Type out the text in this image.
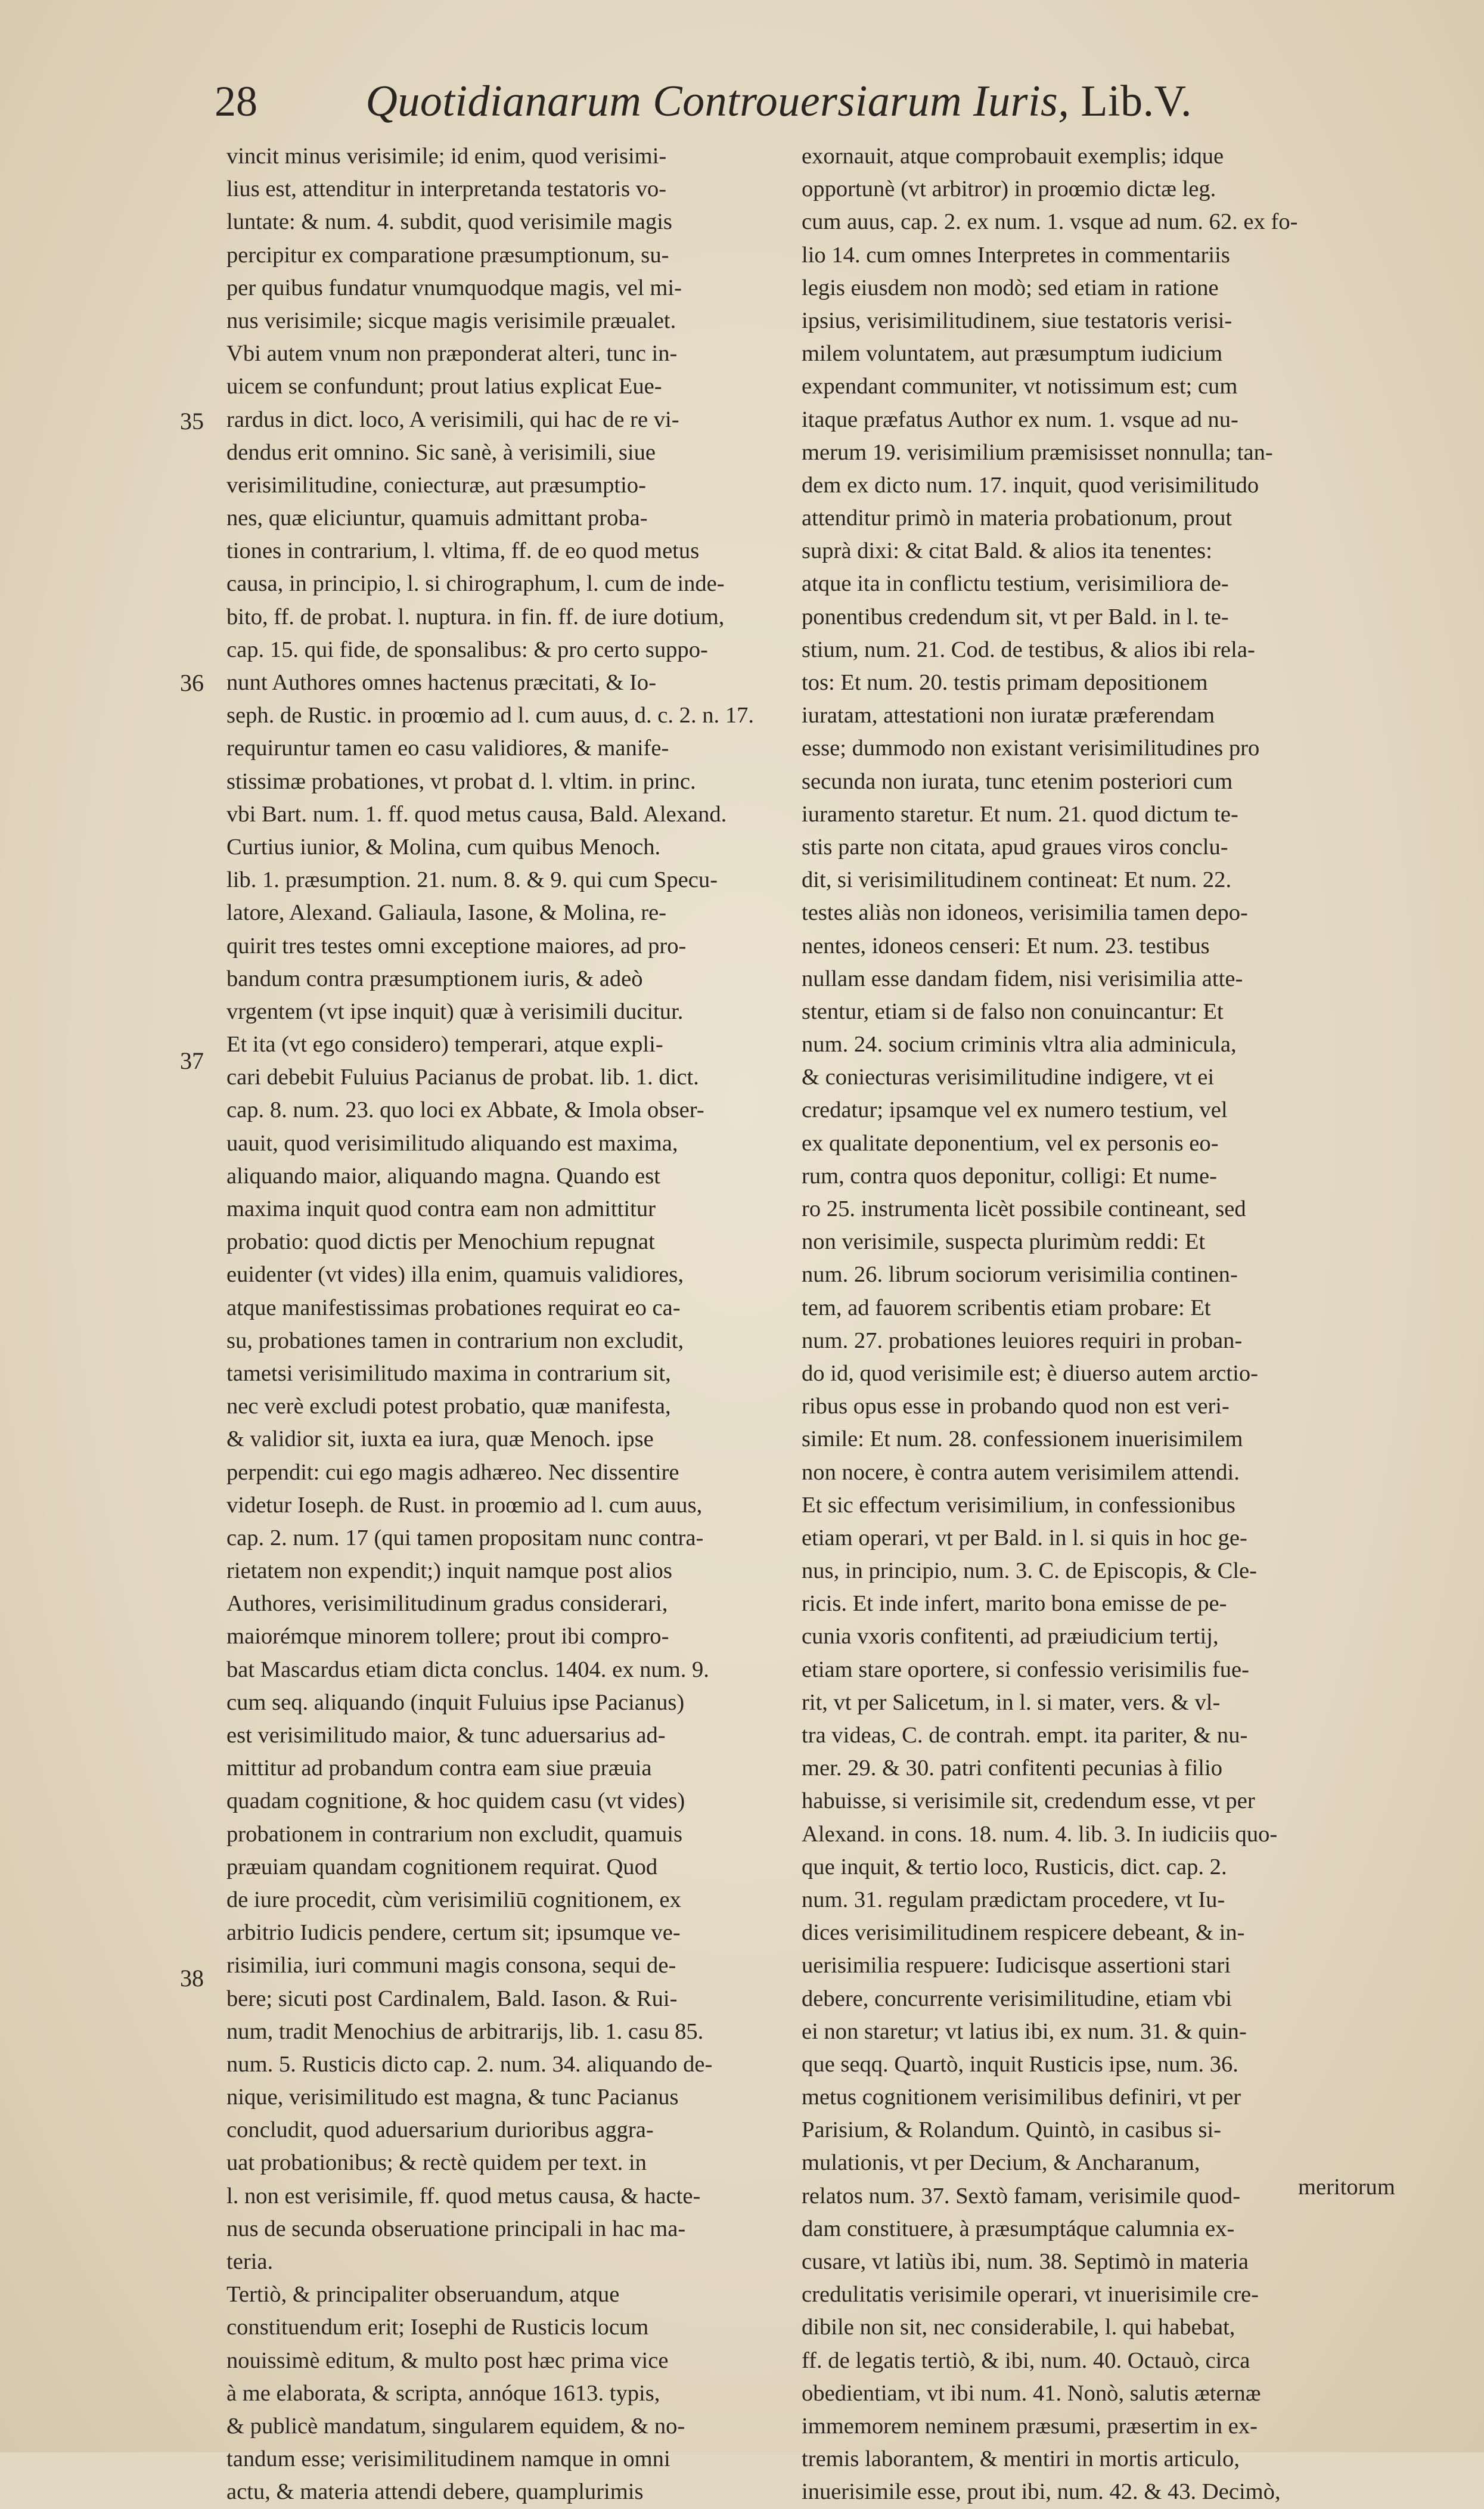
28 Quotidianarum Controuersiarum Iuris, Lib.V.
35
36
37
38
vincit minus verisimile; id enim, quod verisimi-
lius est, attenditur in interpretanda testatoris vo-
luntate: & num. 4. subdit, quod verisimile magis
percipitur ex comparatione præsumptionum, su-
per quibus fundatur vnumquodque magis, vel mi-
nus verisimile; sicque magis verisimile præualet.
Vbi autem vnum non præponderat alteri, tunc in-
uicem se confundunt; prout latius explicat Eue-
rardus in dict. loco, A verisimili, qui hac de re vi-
dendus erit omnino. Sic sanè, à verisimili, siue
verisimilitudine, coniecturæ, aut præsumptio-
nes, quæ eliciuntur, quamuis admittant proba-
tiones in contrarium, l. vltima, ff. de eo quod metus
causa, in principio, l. si chirographum, l. cum de inde-
bito, ff. de probat. l. nuptura. in fin. ff. de iure dotium,
cap. 15. qui fide, de sponsalibus: & pro certo suppo-
nunt Authores omnes hactenus præcitati, & Io-
seph. de Rustic. in proœmio ad l. cum auus, d. c. 2. n. 17.
requiruntur tamen eo casu validiores, & manife-
stissimæ probationes, vt probat d. l. vltim. in princ.
vbi Bart. num. 1. ff. quod metus causa, Bald. Alexand.
Curtius iunior, & Molina, cum quibus Menoch.
lib. 1. præsumption. 21. num. 8. & 9. qui cum Specu-
latore, Alexand. Galiaula, Iasone, & Molina, re-
quirit tres testes omni exceptione maiores, ad pro-
bandum contra præsumptionem iuris, & adeò
vrgentem (vt ipse inquit) quæ à verisimili ducitur.
Et ita (vt ego considero) temperari, atque expli-
cari debebit Fuluius Pacianus de probat. lib. 1. dict.
cap. 8. num. 23. quo loci ex Abbate, & Imola obser-
uauit, quod verisimilitudo aliquando est maxima,
aliquando maior, aliquando magna. Quando est
maxima inquit quod contra eam non admittitur
probatio: quod dictis per Menochium repugnat
euidenter (vt vides) illa enim, quamuis validiores,
atque manifestissimas probationes requirat eo ca-
su, probationes tamen in contrarium non excludit,
tametsi verisimilitudo maxima in contrarium sit,
nec verè excludi potest probatio, quæ manifesta,
& validior sit, iuxta ea iura, quæ Menoch. ipse
perpendit: cui ego magis adhæreo. Nec dissentire
videtur Ioseph. de Rust. in proœmio ad l. cum auus,
cap. 2. num. 17 (qui tamen propositam nunc contra-
rietatem non expendit;) inquit namque post alios
Authores, verisimilitudinum gradus considerari,
maiorémque minorem tollere; prout ibi compro-
bat Mascardus etiam dicta conclus. 1404. ex num. 9.
cum seq. aliquando (inquit Fuluius ipse Pacianus)
est verisimilitudo maior, & tunc aduersarius ad-
mittitur ad probandum contra eam siue præuia
quadam cognitione, & hoc quidem casu (vt vides)
probationem in contrarium non excludit, quamuis
præuiam quandam cognitionem requirat. Quod
de iure procedit, cùm verisimiliū cognitionem, ex
arbitrio Iudicis pendere, certum sit; ipsumque ve-
risimilia, iuri communi magis consona, sequi de-
bere; sicuti post Cardinalem, Bald. Iason. & Rui-
num, tradit Menochius de arbitrarijs, lib. 1. casu 85.
num. 5. Rusticis dicto cap. 2. num. 34. aliquando de-
nique, verisimilitudo est magna, & tunc Pacianus
concludit, quod aduersarium durioribus aggra-
uat probationibus; & rectè quidem per text. in
l. non est verisimile, ff. quod metus causa, & hacte-
nus de secunda obseruatione principali in hac ma-
teria.
Tertiò, & principaliter obseruandum, atque
constituendum erit; Iosephi de Rusticis locum
nouissimè editum, & multo post hæc prima vice
à me elaborata, & scripta, annóque 1613. typis,
& publicè mandatum, singularem equidem, & no-
tandum esse; verisimilitudinem namque in omni
actu, & materia attendi debere, quamplurimis
exornauit, atque comprobauit exemplis; idque
opportunè (vt arbitror) in proœmio dictæ leg.
cum auus, cap. 2. ex num. 1. vsque ad num. 62. ex fo-
lio 14. cum omnes Interpretes in commentariis
legis eiusdem non modò; sed etiam in ratione
ipsius, verisimilitudinem, siue testatoris verisi-
milem voluntatem, aut præsumptum iudicium
expendant communiter, vt notissimum est; cum
itaque præfatus Author ex num. 1. vsque ad nu-
merum 19. verisimilium præmisisset nonnulla; tan-
dem ex dicto num. 17. inquit, quod verisimilitudo
attenditur primò in materia probationum, prout
suprà dixi: & citat Bald. & alios ita tenentes:
atque ita in conflictu testium, verisimiliora de-
ponentibus credendum sit, vt per Bald. in l. te-
stium, num. 21. Cod. de testibus, & alios ibi rela-
tos: Et num. 20. testis primam depositionem
iuratam, attestationi non iuratæ præferendam
esse; dummodo non existant verisimilitudines pro
secunda non iurata, tunc etenim posteriori cum
iuramento staretur. Et num. 21. quod dictum te-
stis parte non citata, apud graues viros conclu-
dit, si verisimilitudinem contineat: Et num. 22.
testes aliàs non idoneos, verisimilia tamen depo-
nentes, idoneos censeri: Et num. 23. testibus
nullam esse dandam fidem, nisi verisimilia atte-
stentur, etiam si de falso non conuincantur: Et
num. 24. socium criminis vltra alia adminicula,
& coniecturas verisimilitudine indigere, vt ei
credatur; ipsamque vel ex numero testium, vel
ex qualitate deponentium, vel ex personis eo-
rum, contra quos deponitur, colligi: Et nume-
ro 25. instrumenta licèt possibile contineant, sed
non verisimile, suspecta plurimùm reddi: Et
num. 26. librum sociorum verisimilia continen-
tem, ad fauorem scribentis etiam probare: Et
num. 27. probationes leuiores requiri in proban-
do id, quod verisimile est; è diuerso autem arctio-
ribus opus esse in probando quod non est veri-
simile: Et num. 28. confessionem inuerisimilem
non nocere, è contra autem verisimilem attendi.
Et sic effectum verisimilium, in confessionibus
etiam operari, vt per Bald. in l. si quis in hoc ge-
nus, in principio, num. 3. C. de Episcopis, & Cle-
ricis. Et inde infert, marito bona emisse de pe-
cunia vxoris confitenti, ad præiudicium tertij,
etiam stare oportere, si confessio verisimilis fue-
rit, vt per Salicetum, in l. si mater, vers. & vl-
tra videas, C. de contrah. empt. ita pariter, & nu-
mer. 29. & 30. patri confitenti pecunias à filio
habuisse, si verisimile sit, credendum esse, vt per
Alexand. in cons. 18. num. 4. lib. 3. In iudiciis quo-
que inquit, & tertio loco, Rusticis, dict. cap. 2.
num. 31. regulam prædictam procedere, vt Iu-
dices verisimilitudinem respicere debeant, & in-
uerisimilia respuere: Iudicisque assertioni stari
debere, concurrente verisimilitudine, etiam vbi
ei non staretur; vt latius ibi, ex num. 31. & quin-
que seqq. Quartò, inquit Rusticis ipse, num. 36.
metus cognitionem verisimilibus definiri, vt per
Parisium, & Rolandum. Quintò, in casibus si-
mulationis, vt per Decium, & Ancharanum,
relatos num. 37. Sextò famam, verisimile quod-
dam constituere, à præsumptáque calumnia ex-
cusare, vt latiùs ibi, num. 38. Septimò in materia
credulitatis verisimile operari, vt inuerisimile cre-
dibile non sit, nec considerabile, l. qui habebat,
ff. de legatis tertiò, & ibi, num. 40. Octauò, circa
obedientiam, vt ibi num. 41. Nonò, salutis æternæ
immemorem neminem præsumi, præsertim in ex-
tremis laborantem, & mentiri in mortis articulo,
inuerisimile esse, prout ibi, num. 42. & 43. Decimò,
meritorum
